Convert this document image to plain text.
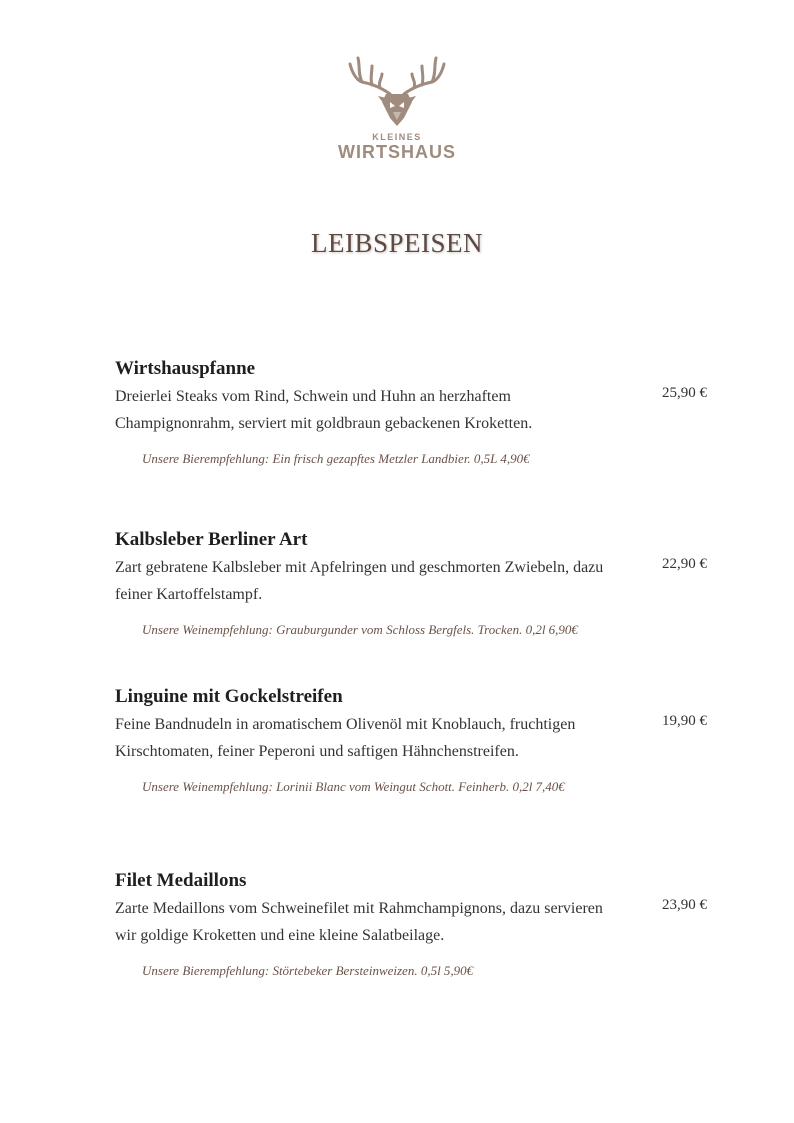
KLEINES
WIRTSHAUS
LEIBSPEISEN
Wirtshauspfanne
Dreierlei Steaks vom Rind, Schwein und Huhn an herzhaftem Champignonrahm, serviert mit goldbraun gebackenen Kroketten.
25,90 €
Unsere Bierempfehlung: Ein frisch gezapftes Metzler Landbier. 0,5L 4,90€
Kalbsleber Berliner Art
Zart gebratene Kalbsleber mit Apfelringen und geschmorten Zwiebeln, dazu feiner Kartoffelstampf.
22,90 €
Unsere Weinempfehlung: Grauburgunder vom Schloss Bergfels. Trocken. 0,2l 6,90€
Linguine mit Gockelstreifen
Feine Bandnudeln in aromatischem Olivenöl mit Knoblauch, fruchtigen Kirschtomaten, feiner Peperoni und saftigen Hähnchenstreifen.
19,90 €
Unsere Weinempfehlung: Lorinii Blanc vom Weingut Schott. Feinherb. 0,2l 7,40€
Filet Medaillons
Zarte Medaillons vom Schweinefilet mit Rahmchampignons, dazu servieren wir goldige Kroketten und eine kleine Salatbeilage.
23,90 €
Unsere Bierempfehlung: Störtebeker Bersteinweizen. 0,5l 5,90€
